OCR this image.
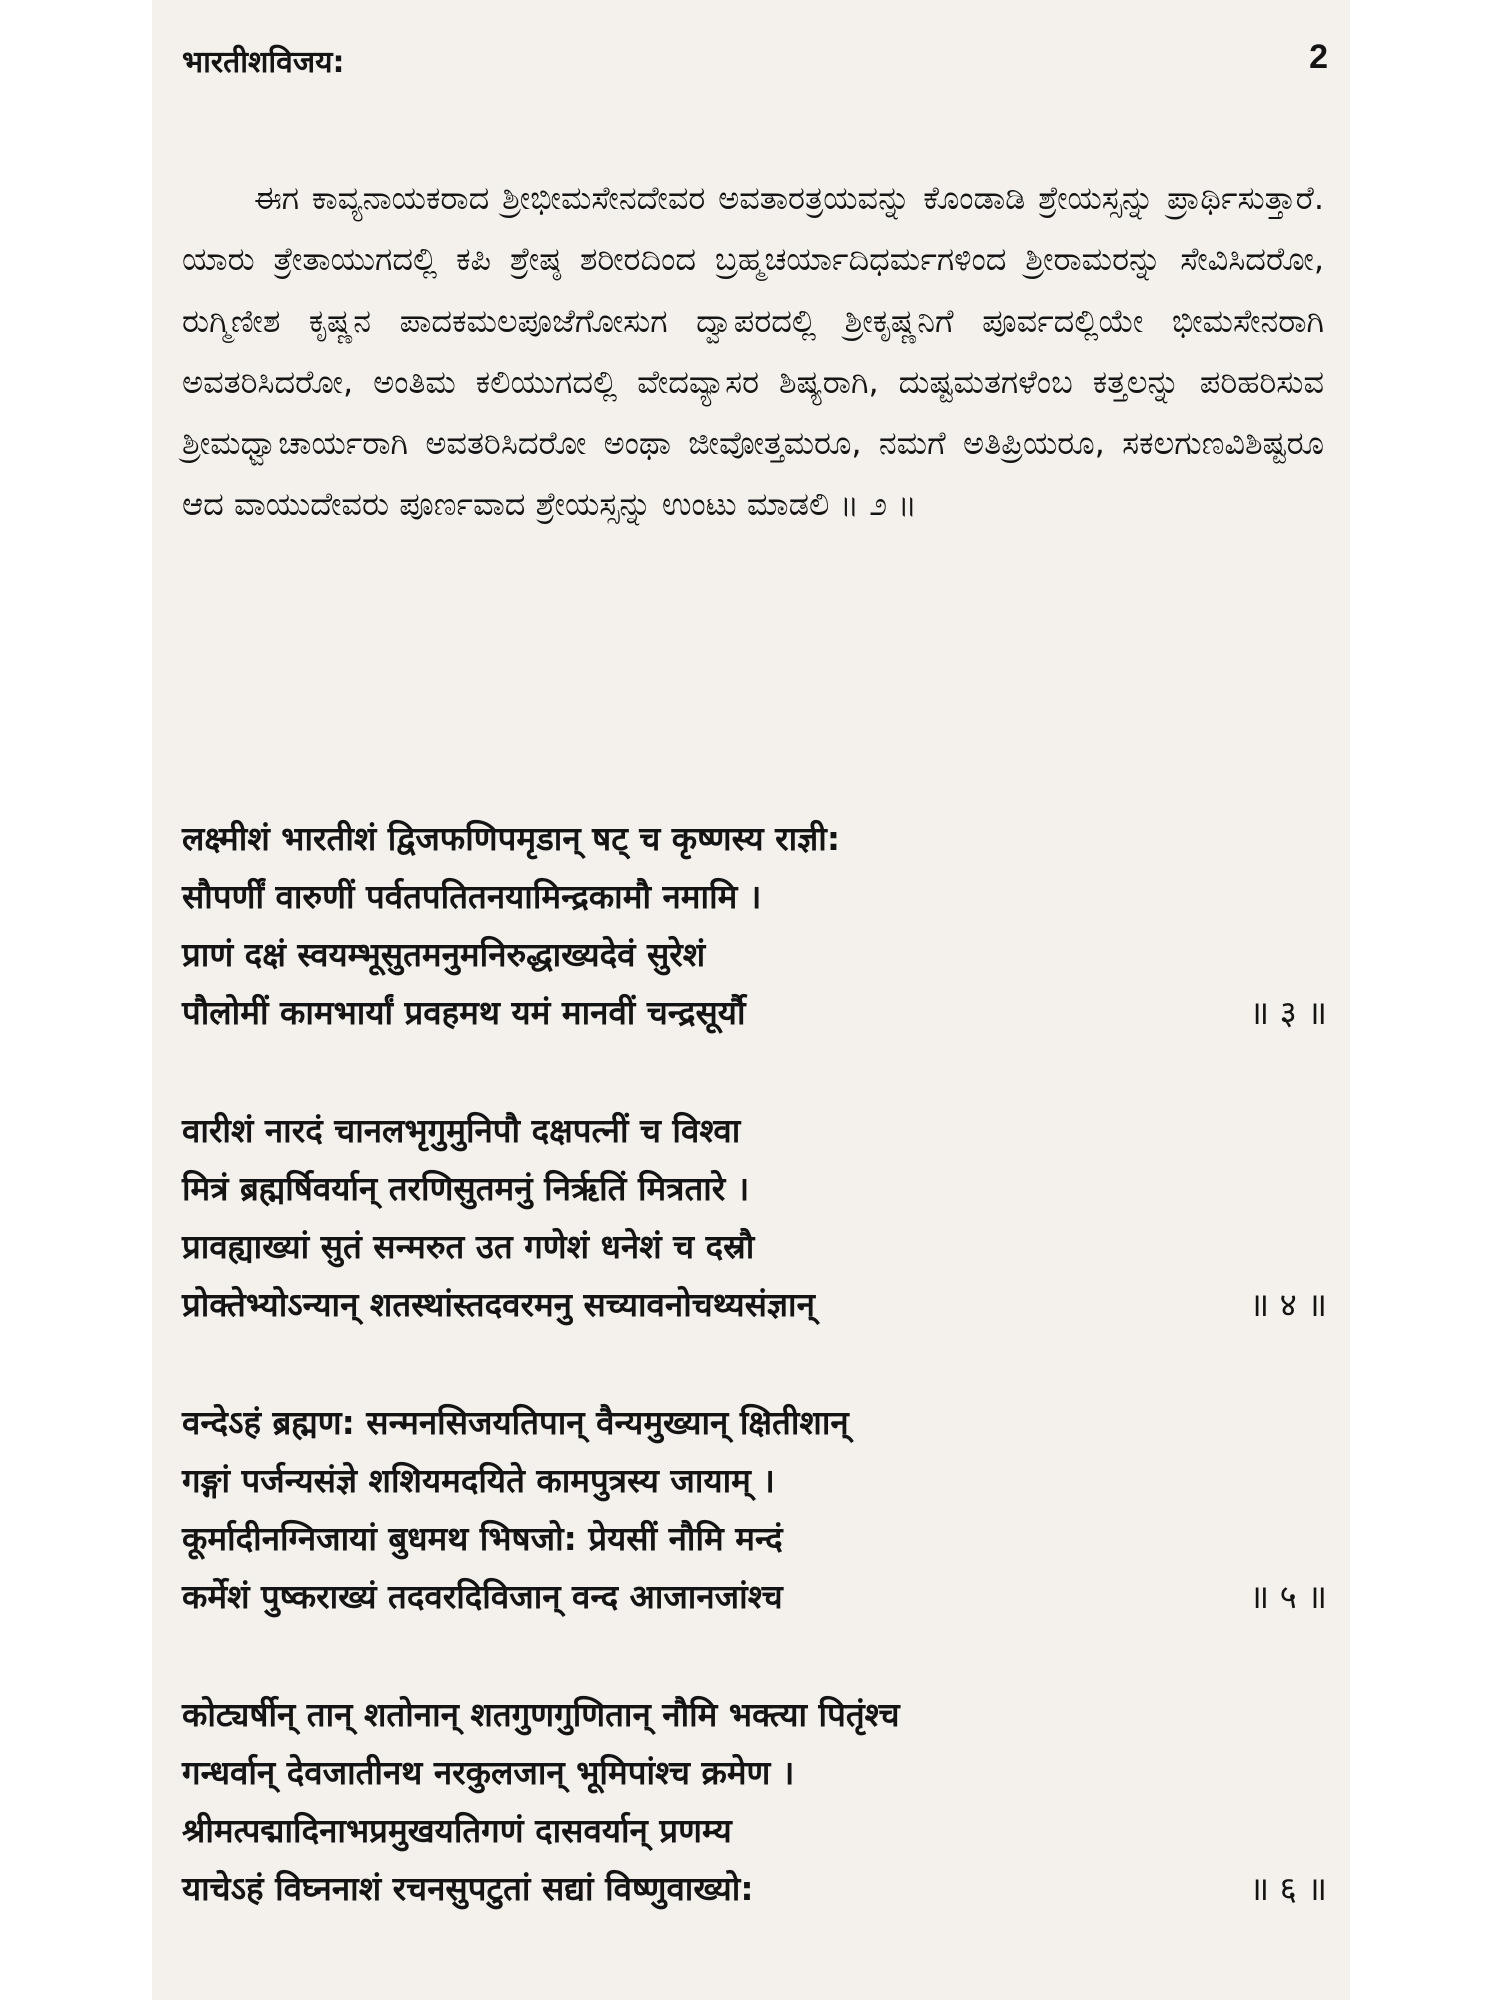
भारतीशविजय:	2

ಈಗ ಕಾವ್ಯನಾಯಕರಾದ ಶ್ರೀಭೀಮಸೇನದೇವರ ಅವತಾರತ್ರಯವನ್ನು ಕೊಂಡಾಡಿ ಶ್ರೇಯಸ್ಸನ್ನು ಪ್ರಾರ್ಥಿಸುತ್ತಾರೆ. ಯಾರು ತ್ರೇತಾಯುಗದಲ್ಲಿ ಕಪಿ ಶ್ರೇಷ್ಠ ಶರೀರದಿಂದ ಬ್ರಹ್ಮಚರ್ಯಾದಿಧರ್ಮಗಳಿಂದ ಶ್ರೀರಾಮರನ್ನು ಸೇವಿಸಿದರೋ, ರುಗ್ಮಿಣೀಶ ಕೃಷ್ಣನ ಪಾದಕಮಲಪೂಜೆಗೋಸುಗ ದ್ವಾಪರದಲ್ಲಿ ಶ್ರೀಕೃಷ್ಣನಿಗೆ ಪೂರ್ವದಲ್ಲಿಯೇ ಭೀಮಸೇನರಾಗಿ ಅವತರಿಸಿದರೋ, ಅಂತಿಮ ಕಲಿಯುಗದಲ್ಲಿ ವೇದವ್ಯಾಸರ ಶಿಷ್ಯರಾಗಿ, ದುಷ್ಟಮತಗಳೆಂಬ ಕತ್ತಲನ್ನು ಪರಿಹರಿಸುವ ಶ್ರೀಮಧ್ವಾಚಾರ್ಯರಾಗಿ ಅವತರಿಸಿದರೋ ಅಂಥಾ ಜೀವೋತ್ತಮರೂ, ನಮಗೆ ಅತಿಪ್ರಿಯರೂ, ಸಕಲಗುಣವಿಶಿಷ್ಟರೂ ಆದ ವಾಯುದೇವರು ಪೂರ್ಣವಾದ ಶ್ರೇಯಸ್ಸನ್ನು ಉಂಟು ಮಾಡಲಿ ॥ ೨ ॥

लक्ष्मीशं भारतीशं द्विजफणिपमृडान् षट् च कृष्णस्य राज्ञी:
सौपर्णीं वारुणीं पर्वतपतितनयामिन्द्रकामौ नमामि ।
प्राणं दक्षं स्वयम्भूसुतमनुमनिरुद्धाख्यदेवं सुरेशं
पौलोमीं कामभार्यां प्रवहमथ यमं मानवीं चन्द्रसूर्यौ	॥ ३ ॥
वारीशं नारदं चानलभृगुमुनिपौ दक्षपत्नीं च विश्वा
मित्रं ब्रह्मर्षिवर्यान् तरणिसुतमनुं निर्ऋतिं मित्रतारे ।
प्रावह्याख्यां सुतं सन्मरुत उत गणेशं धनेशं च दस्रौ
प्रोक्तेभ्योऽन्यान् शतस्थांस्तदवरमनु सच्यावनोचथ्यसंज्ञान्	॥ ४ ॥
वन्देऽहं ब्रह्मण: सन्मनसिजयतिपान् वैन्यमुख्यान् क्षितीशान्
गङ्गां पर्जन्यसंज्ञे शशियमदयिते कामपुत्रस्य जायाम् ।
कूर्मादीनग्निजायां बुधमथ भिषजो: प्रेयसीं नौमि मन्दं
कर्मेशं पुष्कराख्यं तदवरदिविजान् वन्द आजानजांश्च	॥ ५ ॥
कोट्यर्षीन् तान् शतोनान् शतगुणगुणितान् नौमि भक्त्या पितृंश्च
गन्धर्वान् देवजातीनथ नरकुलजान् भूमिपांश्च क्रमेण ।
श्रीमत्पद्मादिनाभप्रमुखयतिगणं दासवर्यान् प्रणम्य
याचेऽहं विघ्ननाशं रचनसुपटुतां सद्यां विष्णुवाख्यो:	॥ ६ ॥
